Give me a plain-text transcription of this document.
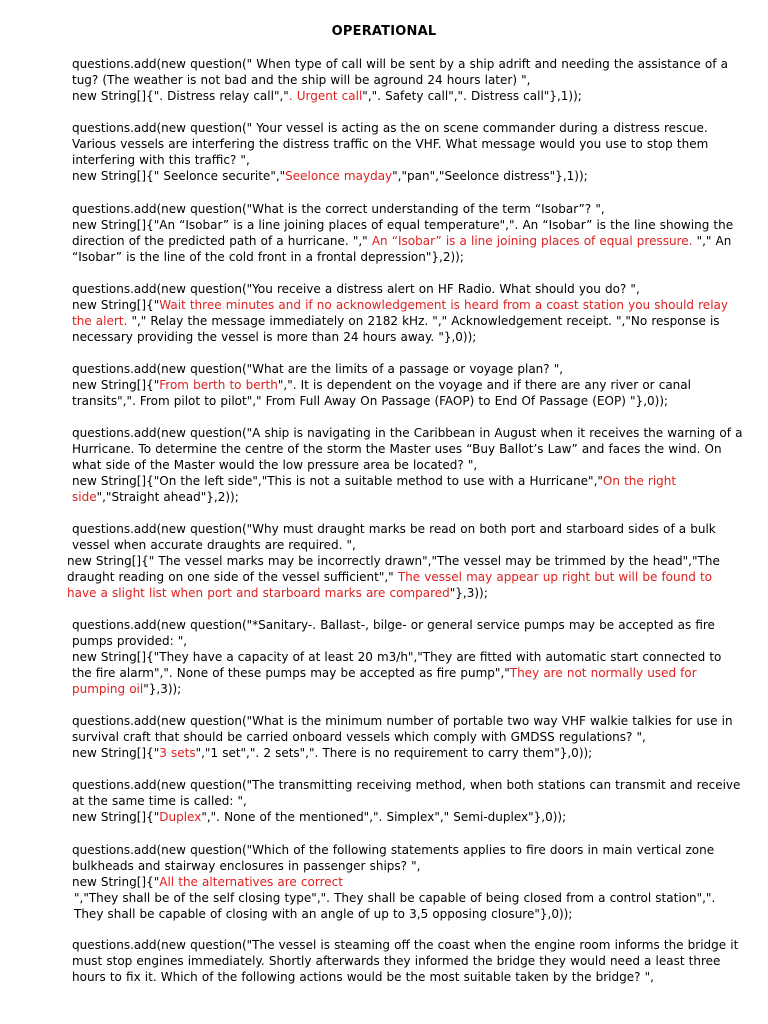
OPERATIONAL

questions.add(new question(" When type of call will be sent by a ship adrift and needing the assistance of a tug? (The weather is not bad and the ship will be aground 24 hours later) ",

new String[]{". Distress relay call",". Urgent call",". Safety call",". Distress call"},1));

questions.add(new question(" Your vessel is acting as the on scene commander during a distress rescue. Various vessels are interfering the distress traffic on the VHF. What message would you use to stop them interfering with this traffic? ",

new String[]{" Seelonce securite","Seelonce mayday","pan","Seelonce distress"},1));

questions.add(new question("What is the correct understanding of the term “Isobar”? ",

new String[]{"An “Isobar” is a line joining places of equal temperature",". An “Isobar” is the line showing the direction of the predicted path of a hurricane. "," An “Isobar” is a line joining places of equal pressure. "," An “Isobar” is the line of the cold front in a frontal depression"},2));

questions.add(new question("You receive a distress alert on HF Radio. What should you do? ",

new String[]{"Wait three minutes and if no acknowledgement is heard from a coast station you should relay the alert. "," Relay the message immediately on 2182 kHz. "," Acknowledgement receipt. ","No response is necessary providing the vessel is more than 24 hours away. "},0));

questions.add(new question("What are the limits of a passage or voyage plan? ",

new String[]{"From berth to berth",". It is dependent on the voyage and if there are any river or canal transits",". From pilot to pilot"," From Full Away On Passage (FAOP) to End Of Passage (EOP) "},0));

questions.add(new question("A ship is navigating in the Caribbean in August when it receives the warning of a Hurricane. To determine the centre of the storm the Master uses “Buy Ballot’s Law” and faces the wind. On what side of the Master would the low pressure area be located? ",

new String[]{"On the left side","This is not a suitable method to use with a Hurricane","On the right side","Straight ahead"},2));

questions.add(new question("Why must draught marks be read on both port and starboard sides of a bulk vessel when accurate draughts are required. ",

new String[]{" The vessel marks may be incorrectly drawn","The vessel may be trimmed by the head","The draught reading on one side of the vessel sufficient"," The vessel may appear up right but will be found to have a slight list when port and starboard marks are compared"},3));

questions.add(new question("*Sanitary-. Ballast-, bilge- or general service pumps may be accepted as fire pumps provided: ",

new String[]{"They have a capacity of at least 20 m3/h","They are fitted with automatic start connected to the fire alarm",". None of these pumps may be accepted as fire pump","They are not normally used for pumping oil"},3));

questions.add(new question("What is the minimum number of portable two way VHF walkie talkies for use in survival craft that should be carried onboard vessels which comply with GMDSS regulations? ",

new String[]{"3 sets","1 set",". 2 sets",". There is no requirement to carry them"},0));

questions.add(new question("The transmitting receiving method, when both stations can transmit and receive at the same time is called: ",

new String[]{"Duplex",". None of the mentioned",". Simplex"," Semi-duplex"},0));

questions.add(new question("Which of the following statements applies to fire doors in main vertical zone bulkheads and stairway enclosures in passenger ships? ",

new String[]{"All the alternatives are correct

","They shall be of the self closing type",". They shall be capable of being closed from a control station",". They shall be capable of closing with an angle of up to 3,5 opposing closure"},0));

questions.add(new question("The vessel is steaming off the coast when the engine room informs the bridge it must stop engines immediately. Shortly afterwards they informed the bridge they would need a least three hours to fix it. Which of the following actions would be the most suitable taken by the bridge? ",
